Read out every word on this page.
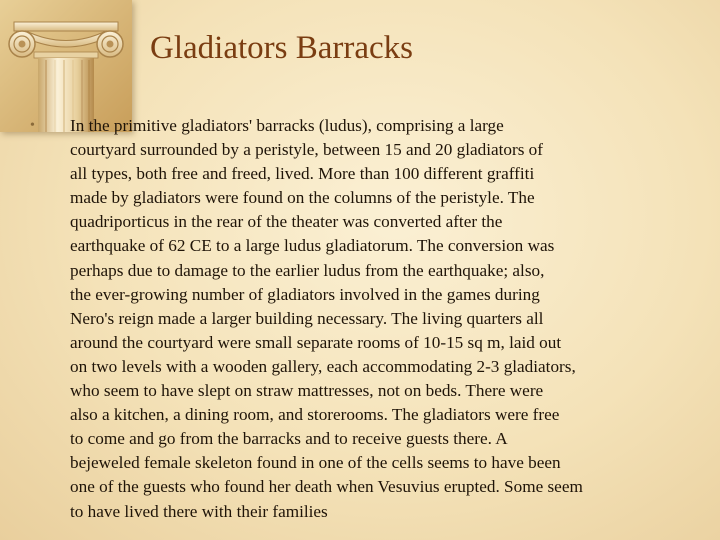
Gladiators Barracks
• In the primitive gladiators' barracks (ludus), comprising a large
courtyard surrounded by a peristyle, between 15 and 20 gladiators of
all types, both free and freed, lived. More than 100 different graffiti
made by gladiators were found on the columns of the peristyle. The
quadriporticus in the rear of the theater was converted after the
earthquake of 62 CE to a large ludus gladiatorum. The conversion was
perhaps due to damage to the earlier ludus from the earthquake; also,
the ever-growing number of gladiators involved in the games during
Nero's reign made a larger building necessary. The living quarters all
around the courtyard were small separate rooms of 10-15 sq m, laid out
on two levels with a wooden gallery, each accommodating 2-3 gladiators,
who seem to have slept on straw mattresses, not on beds. There were
also a kitchen, a dining room, and storerooms. The gladiators were free
to come and go from the barracks and to receive guests there. A
bejeweled female skeleton found in one of the cells seems to have been
one of the guests who found her death when Vesuvius erupted. Some seem
to have lived there with their families
